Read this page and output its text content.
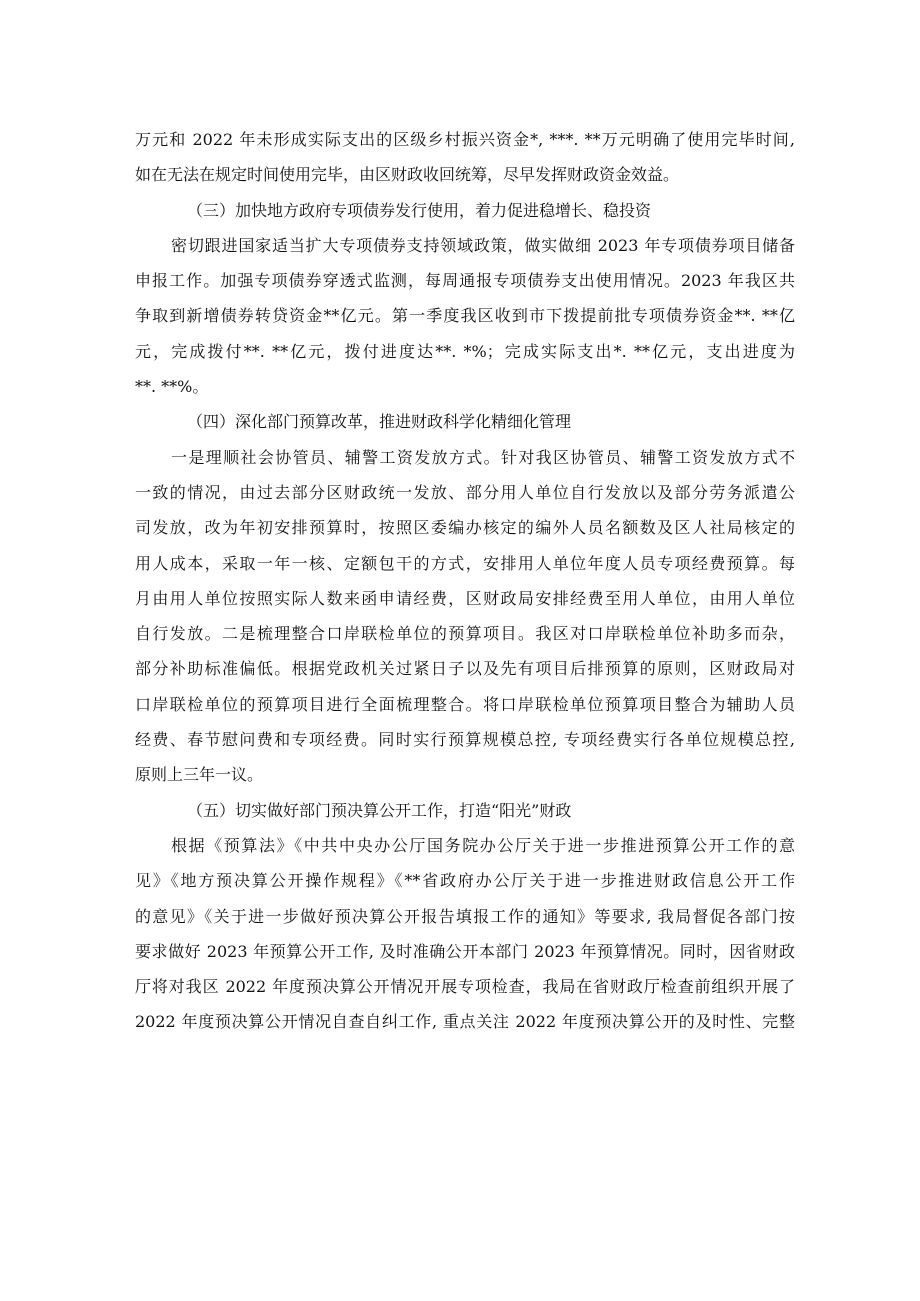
万元和 2022 年未形成实际支出的区级乡村振兴资金*, ***. **万元明确了使用完毕时间,
如在无法在规定时间使用完毕，由区财政收回统筹，尽早发挥财政资金效益。
（三）加快地方政府专项债券发行使用，着力促进稳增长、稳投资
密切跟进国家适当扩大专项债券支持领域政策，做实做细 2023 年专项债券项目储备
申报工作。加强专项债券穿透式监测，每周通报专项债券支出使用情况。2023 年我区共
争取到新增债券转贷资金**亿元。第一季度我区收到市下拨提前批专项债券资金**. **亿
元，完成拨付**. **亿元，拨付进度达**. *%；完成实际支出*. **亿元，支出进度为
**. **%。
（四）深化部门预算改革，推进财政科学化精细化管理
一是理顺社会协管员、辅警工资发放方式。针对我区协管员、辅警工资发放方式不
一致的情况，由过去部分区财政统一发放、部分用人单位自行发放以及部分劳务派遣公
司发放，改为年初安排预算时，按照区委编办核定的编外人员名额数及区人社局核定的
用人成本，采取一年一核、定额包干的方式，安排用人单位年度人员专项经费预算。每
月由用人单位按照实际人数来函申请经费，区财政局安排经费至用人单位，由用人单位
自行发放。二是梳理整合口岸联检单位的预算项目。我区对口岸联检单位补助多而杂，
部分补助标准偏低。根据党政机关过紧日子以及先有项目后排预算的原则，区财政局对
口岸联检单位的预算项目进行全面梳理整合。将口岸联检单位预算项目整合为辅助人员
经费、春节慰问费和专项经费。同时实行预算规模总控, 专项经费实行各单位规模总控,
原则上三年一议。
（五）切实做好部门预决算公开工作，打造“阳光”财政
根据《预算法》《中共中央办公厅国务院办公厅关于进一步推进预算公开工作的意
见》《地方预决算公开操作规程》《**省政府办公厅关于进一步推进财政信息公开工作
的意见》《关于进一步做好预决算公开报告填报工作的通知》等要求, 我局督促各部门按
要求做好 2023 年预算公开工作, 及时准确公开本部门 2023 年预算情况。同时，因省财政
厅将对我区 2022 年度预决算公开情况开展专项检查，我局在省财政厅检查前组织开展了
2022 年度预决算公开情况自查自纠工作, 重点关注 2022 年度预决算公开的及时性、完整
